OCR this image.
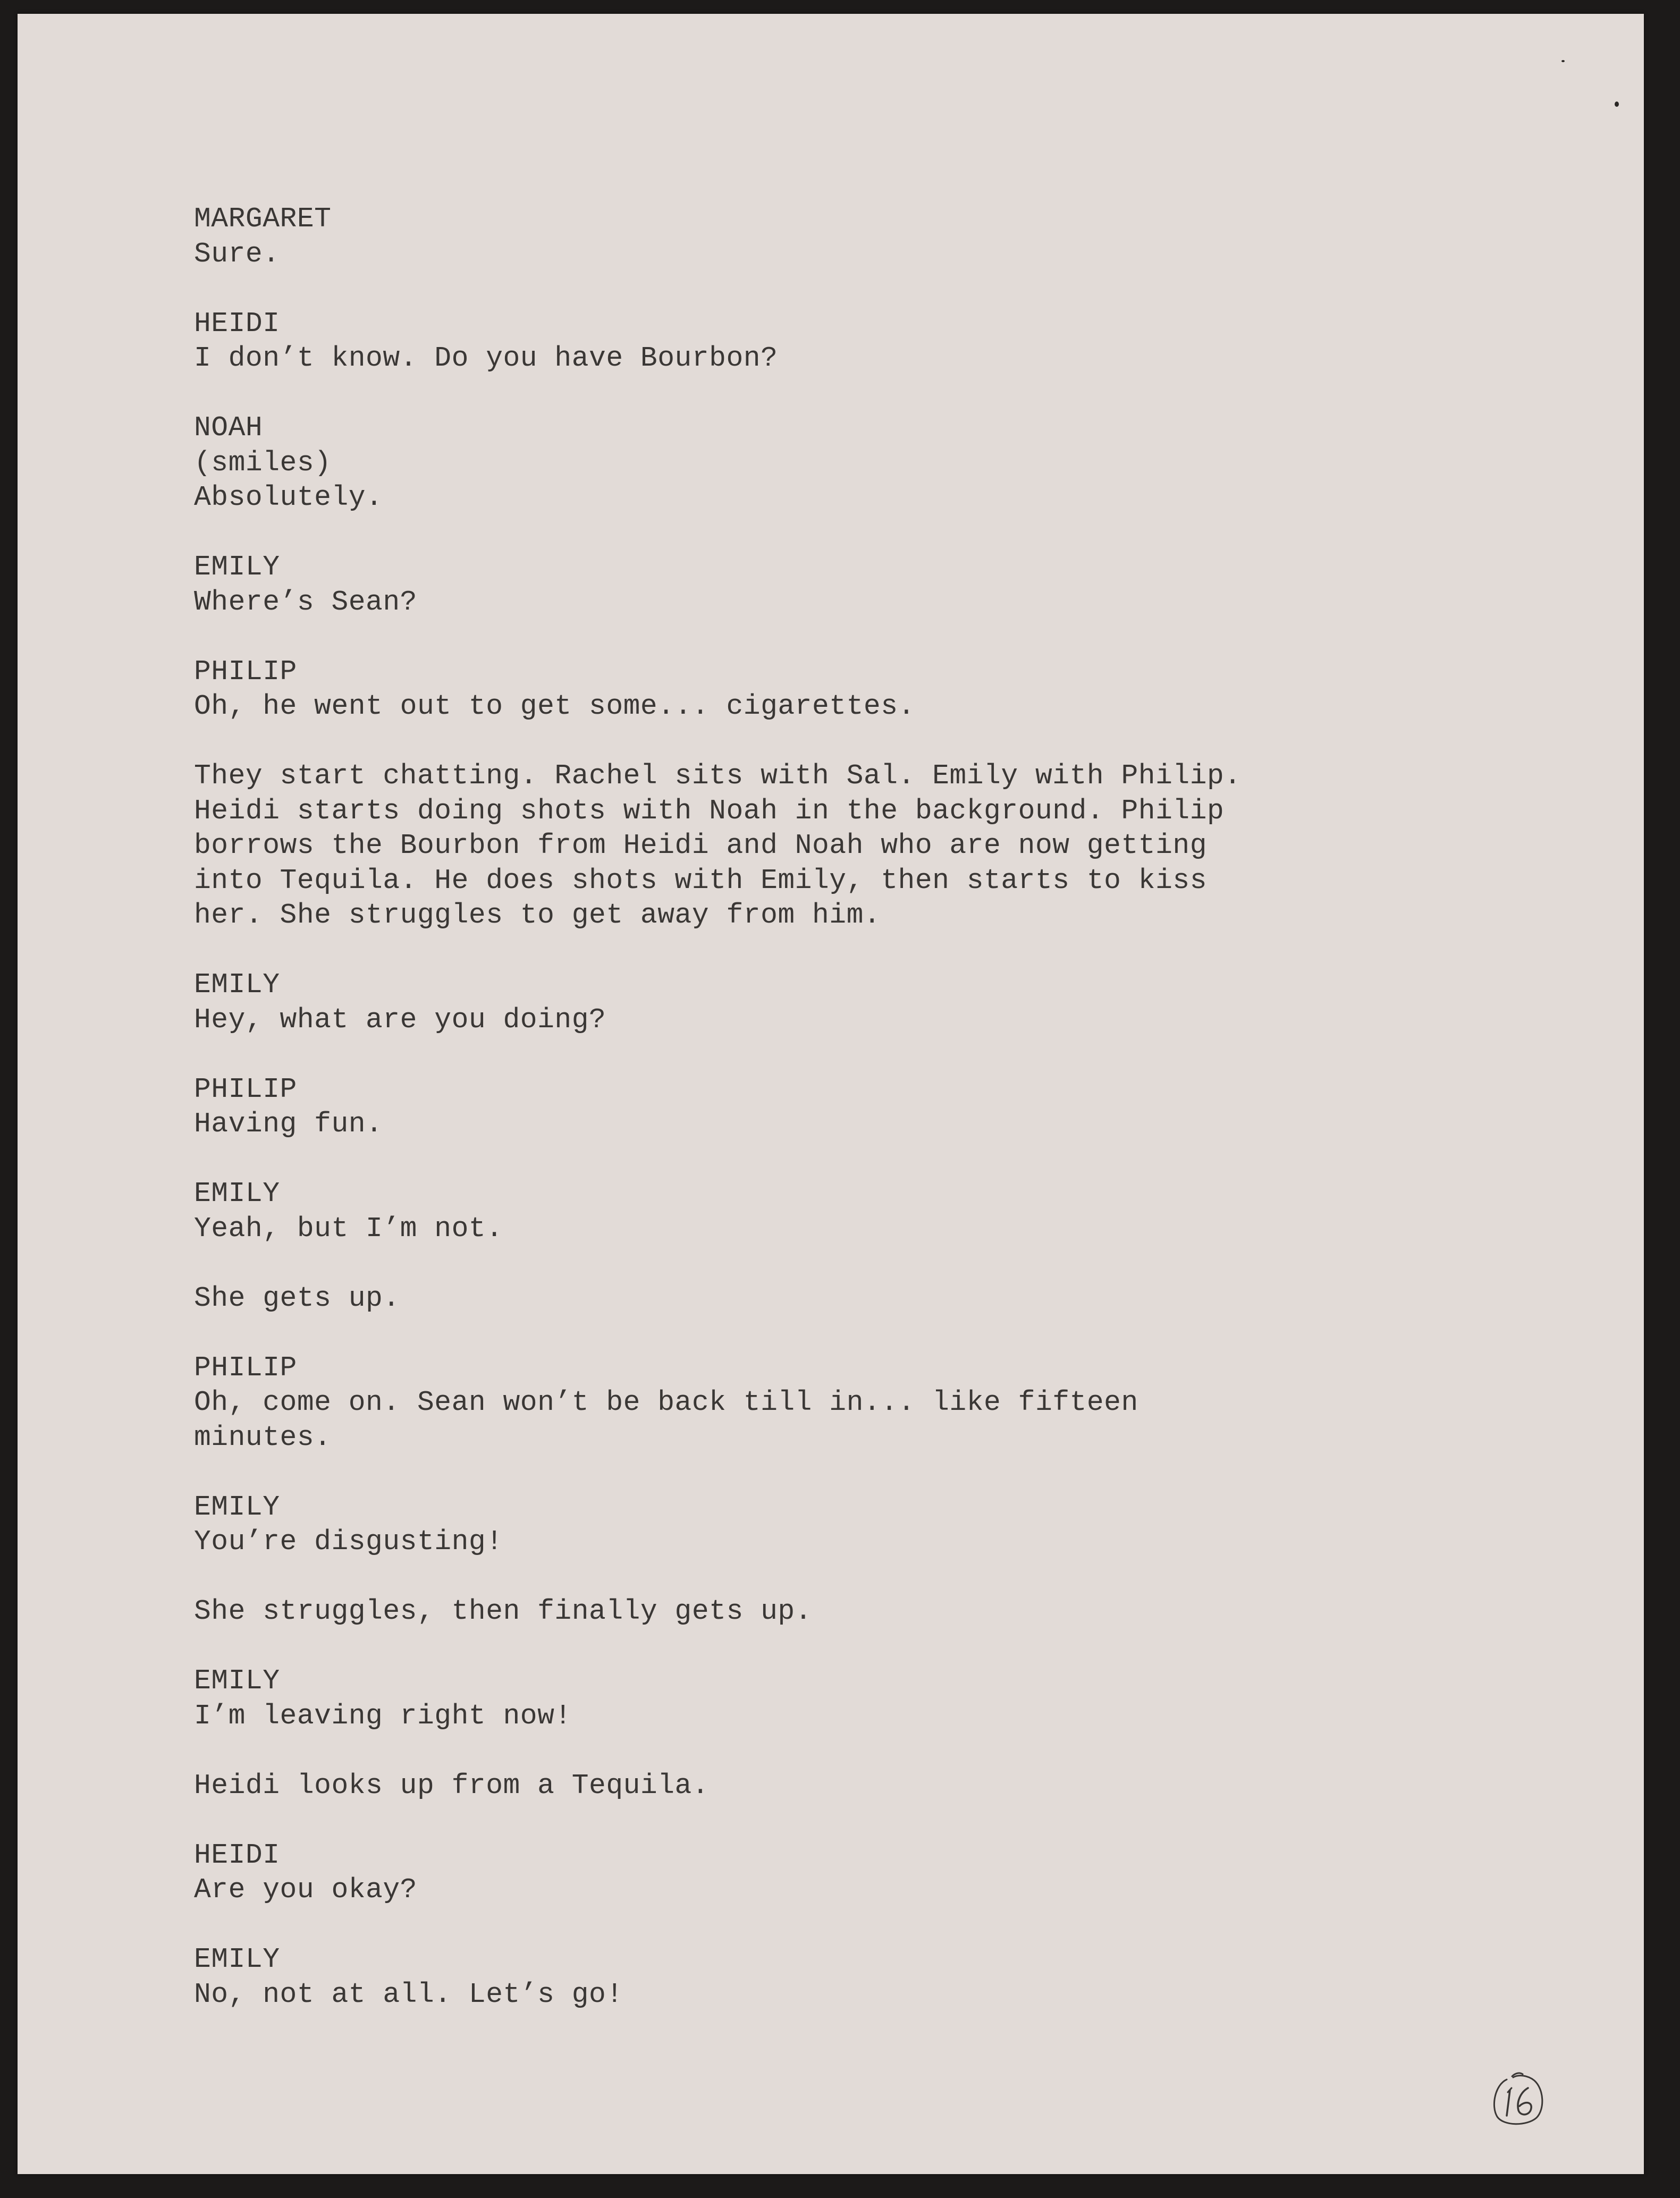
MARGARET
Sure.
HEIDI
I don’t know. Do you have Bourbon?
NOAH
(smiles)
Absolutely.
EMILY
Where’s Sean?
PHILIP
Oh, he went out to get some... cigarettes.
They start chatting. Rachel sits with Sal. Emily with Philip.
Heidi starts doing shots with Noah in the background. Philip
borrows the Bourbon from Heidi and Noah who are now getting
into Tequila. He does shots with Emily, then starts to kiss
her. She struggles to get away from him.
EMILY
Hey, what are you doing?
PHILIP
Having fun.
EMILY
Yeah, but I’m not.
She gets up.
PHILIP
Oh, come on. Sean won’t be back till in... like fifteen
minutes.
EMILY
You’re disgusting!
She struggles, then finally gets up.
EMILY
I’m leaving right now!
Heidi looks up from a Tequila.
HEIDI
Are you okay?
EMILY
No, not at all. Let’s go!
